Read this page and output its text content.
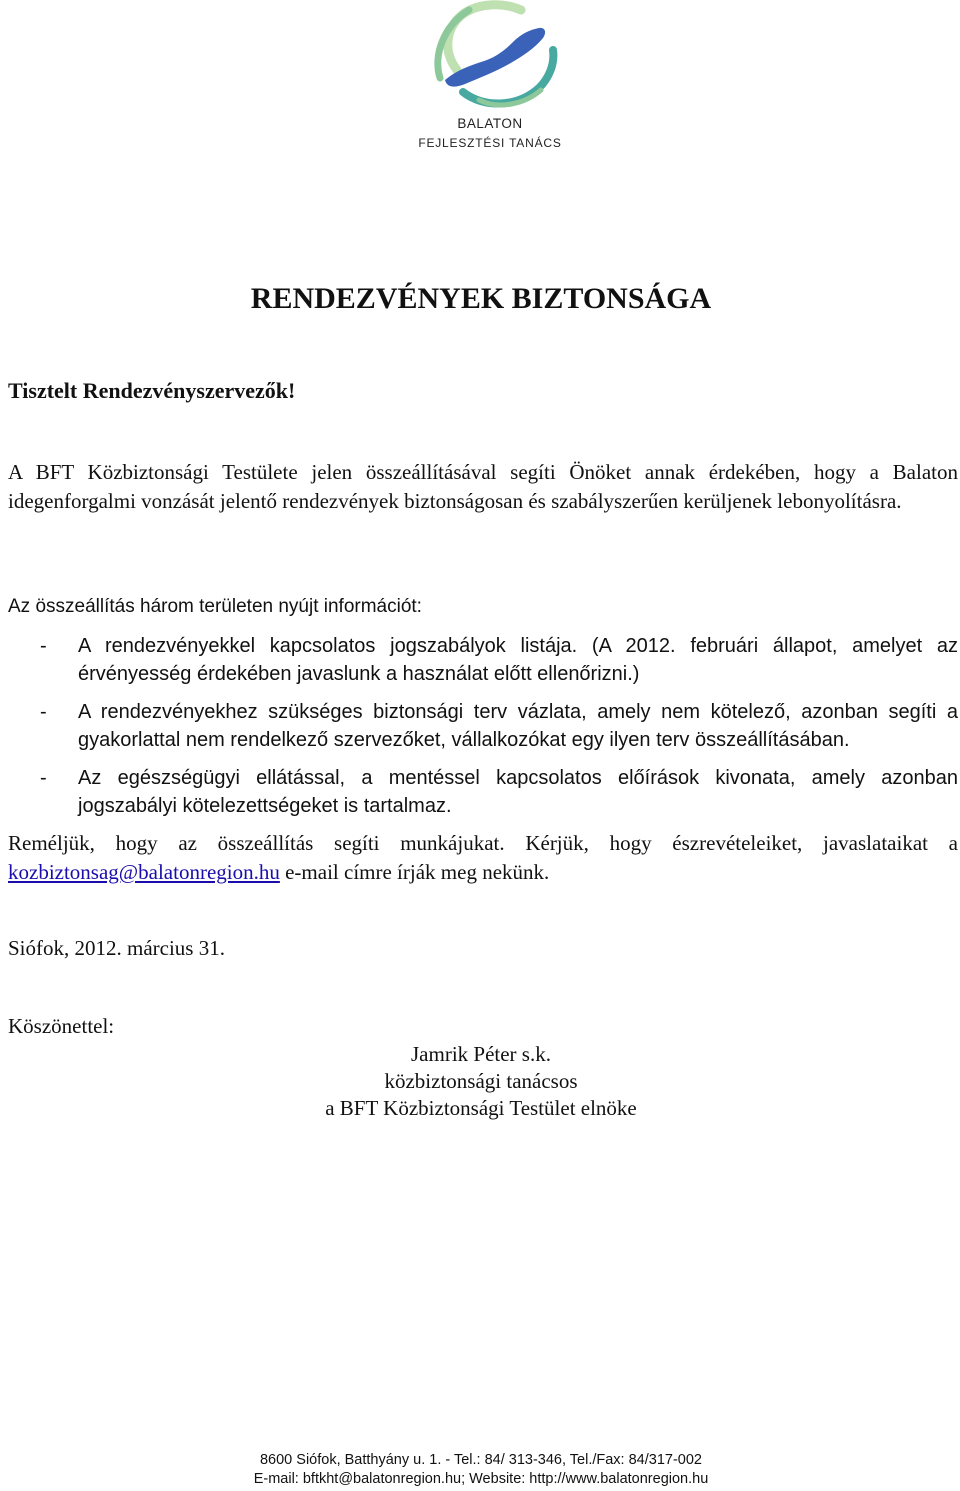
BALATON
FEJLESZTÉSI TANÁCS
RENDEZVÉNYEK BIZTONSÁGA
Tisztelt Rendezvényszervezők!
A BFT Közbiztonsági Testülete jelen összeállításával segíti Önöket annak érdekében, hogy a Balaton idegenforgalmi vonzását jelentő rendezvények biztonságosan és szabályszerűen kerüljenek lebonyolításra.
Az összeállítás három területen nyújt információt:
- A rendezvényekkel kapcsolatos jogszabályok listája. (A 2012. februári állapot, amelyet az érvényesség érdekében javaslunk a használat előtt ellenőrizni.)
- A rendezvényekhez szükséges biztonsági terv vázlata, amely nem kötelező, azonban segíti a gyakorlattal nem rendelkező szervezőket, vállalkozókat egy ilyen terv összeállításában.
- Az egészségügyi ellátással, a mentéssel kapcsolatos előírások kivonata, amely azonban jogszabályi kötelezettségeket is tartalmaz.
Reméljük, hogy az összeállítás segíti munkájukat. Kérjük, hogy észrevételeiket, javaslataikat a kozbiztonsag@balatonregion.hu e-mail címre írják meg nekünk.
Siófok, 2012. március 31.
Köszönettel:
Jamrik Péter s.k.
közbiztonsági tanácsos
a BFT Közbiztonsági Testület elnöke
8600 Siófok, Batthyány u. 1. - Tel.: 84/ 313-346, Tel./Fax: 84/317-002
E-mail: bftkht@balatonregion.hu; Website: http://www.balatonregion.hu
